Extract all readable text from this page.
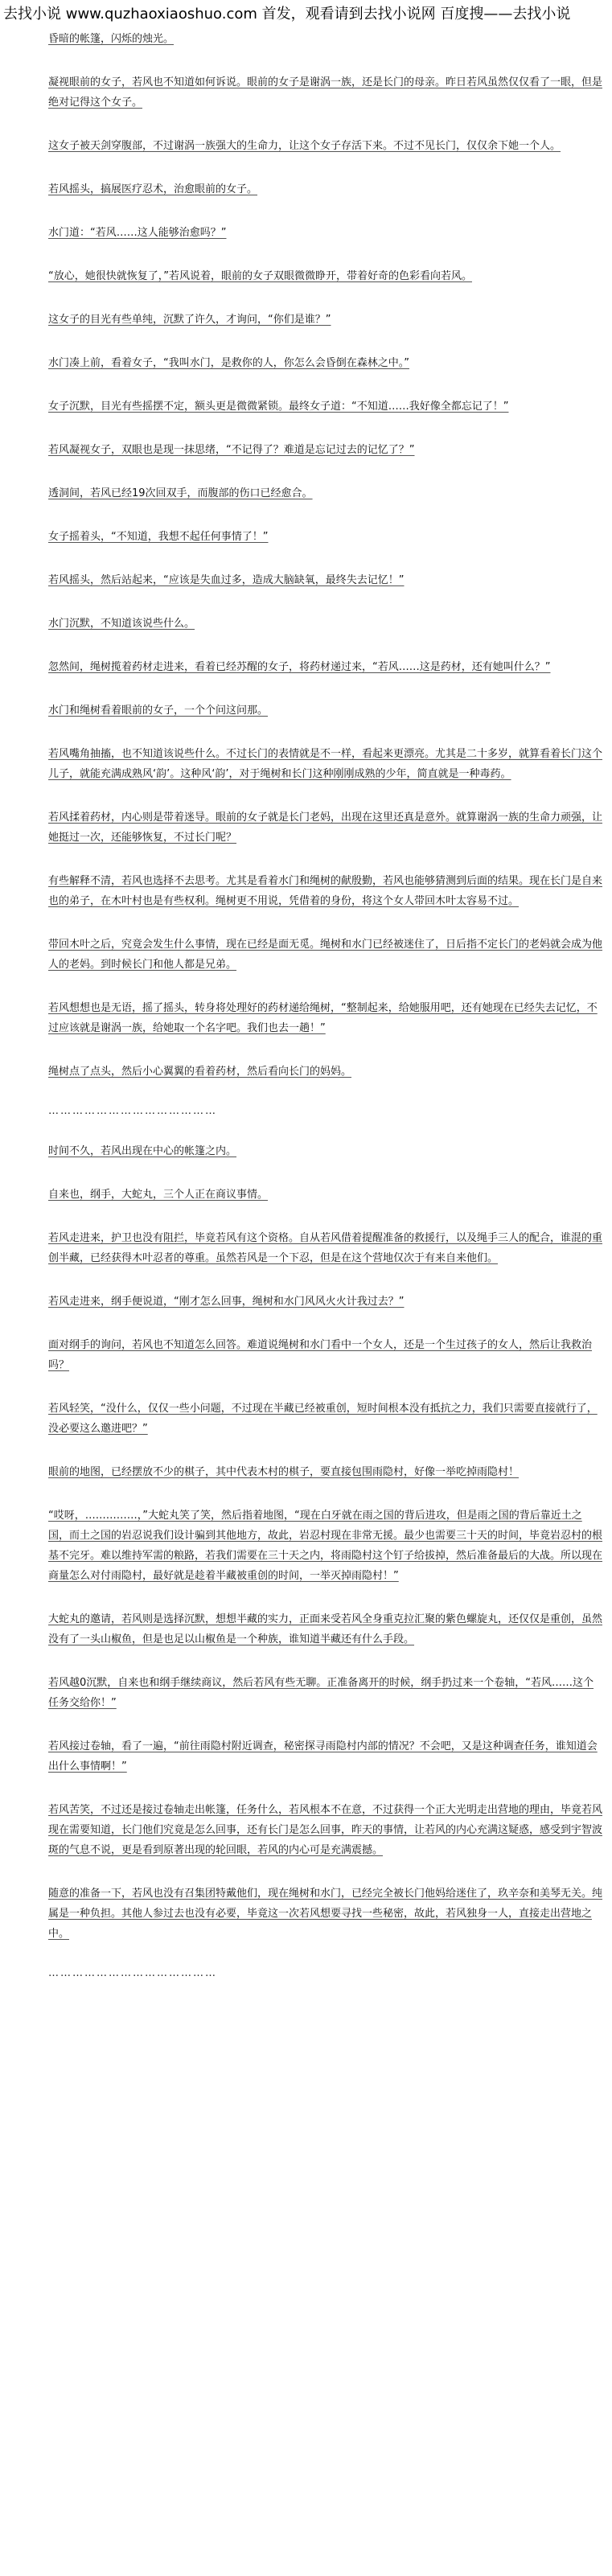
去找小说 www.quzhaoxiaoshuo.com 首发，观看请到去找小说网 百度搜——去找小说

昏暗的帐篷，闪烁的烛光。

凝视眼前的女子，若风也不知道如何诉说。眼前的女子是谢涡一族，还是长门的母亲。昨日若风虽然仅仅看了一眼，但是绝对记得这个女子。

这女子被天剑穿腹部，不过谢涡一族强大的生命力，让这个女子存活下来。不过不见长门，仅仅余下她一个人。

若风摇头，搞展医疗忍术，治愈眼前的女子。

水门道：“若风……这人能够治愈吗？”

“放心，她很快就恢复了，”若风说着，眼前的女子双眼微微睁开，带着好奇的色彩看向若风。

这女子的目光有些单纯，沉默了许久，才询问，“你们是谁？”

水门凑上前，看着女子，“我叫水门，是救你的人，你怎么会昏倒在森林之中。”

女子沉默，目光有些摇摆不定，额头更是微微紧锁。最终女子道：“不知道……我好像全都忘记了！”

若风凝视女子，双眼也是现一抹思绪，“不记得了？难道是忘记过去的记忆了？”

透洞间，若风已经19次回双手，而腹部的伤口已经愈合。

女子摇着头，“不知道，我想不起任何事情了！”

若风摇头，然后站起来，“应该是失血过多，造成大脑缺氧，最终失去记忆！”

水门沉默，不知道该说些什么。

忽然间，绳树揽着药材走进来，看着已经苏醒的女子，将药材递过来，“若风……这是药材，还有她叫什么？”

水门和绳树看着眼前的女子，一个个问这问那。

若风嘴角抽搐，也不知道该说些什么。不过长门的表情就是不一样，看起来更漂亮。尤其是二十多岁，就算看着长门这个儿子，就能充满成熟风‘韵’。这种风‘韵’，对于绳树和长门这种刚刚成熟的少年，简直就是一种毒药。

若风揉着药材，内心则是带着迷导。眼前的女子就是长门老妈，出现在这里还真是意外。就算谢涡一族的生命力顽强，让她挺过一次，还能够恢复，不过长门呢？

有些解释不清，若风也选择不去思考。尤其是看着水门和绳树的献殷勤，若风也能够猜测到后面的结果。现在长门是自来也的弟子，在木叶村也是有些权利。绳树更不用说，凭借着的身份，将这个女人带回木叶太容易不过。

带回木叶之后，究竟会发生什么事情，现在已经是面无觅。绳树和水门已经被迷住了，日后指不定长门的老妈就会成为他人的老妈。到时候长门和他人都是兄弟。

若风想想也是无语，摇了摇头，转身将处理好的药材递给绳树，“整制起来，给她服用吧，还有她现在已经失去记忆，不过应该就是谢涡一族，给她取一个名字吧。我们也去一趟！”

绳树点了点头，然后小心翼翼的看着药材，然后看向长门的妈妈。

……………………………………

时间不久，若风出现在中心的帐篷之内。

自来也，纲手，大蛇丸，三个人正在商议事情。

若风走进来，护卫也没有阻拦，毕竟若风有这个资格。自从若风借着提醒准备的救援行，以及绳手三人的配合，谁混的重创半藏，已经获得木叶忍者的尊重。虽然若风是一个下忍，但是在这个营地仅次于有来自来他们。

若风走进来，纲手便说道，“刚才怎么回事，绳树和水门风风火火计我过去？”

面对纲手的询问，若风也不知道怎么回答。难道说绳树和水门看中一个女人，还是一个生过孩子的女人，然后让我救治吗？

若风轻笑，“没什么，仅仅一些小问题，不过现在半藏已经被重创，短时间根本没有抵抗之力，我们只需要直接就行了，没必要这么邀进吧？”

眼前的地图，已经摆放不少的棋子，其中代表木村的棋子，要直接包围雨隐村，好像一举吃掉雨隐村！

“哎呀，……………，”大蛇丸笑了笑，然后指着地图，“现在白牙就在雨之国的背后进攻，但是雨之国的背后靠近土之国，而土之国的岩忍说我们设计骗到其他地方，故此，岩忍村现在非常无援。最少也需要三十天的时间，毕竟岩忍村的根基不完牙。难以维持军需的粮路，若我们需要在三十天之内，将雨隐村这个钉子给拔掉，然后准备最后的大战。所以现在商量怎么对付雨隐村，最好就是趁着半藏被重创的时间，一举灭掉雨隐村！”

大蛇丸的邀请，若风则是选择沉默，想想半藏的实力，正面来受若风全身重克拉汇聚的紫色螺旋丸，还仅仅是重创，虽然没有了一头山椒鱼，但是也足以山椒鱼是一个种族，谁知道半藏还有什么手段。

若风越0沉默，自来也和纲手继续商议，然后若风有些无聊。正准备离开的时候，纲手扔过来一个卷轴，“若风……这个任务交给你！”

若风接过卷轴，看了一遍，“前往雨隐村附近调查，秘密探寻雨隐村内部的情况？不会吧，又是这种调查任务，谁知道会出什么事情啊！”

若风苦笑，不过还是接过卷轴走出帐篷，任务什么，若风根本不在意，不过获得一个正大光明走出营地的理由，毕竟若风现在需要知道，长门他们究竟是怎么回事，还有长门是怎么回事，昨天的事情，让若风的内心充满这疑惑，感受到宇智波斑的气息不说，更是看到原著出现的轮回眼，若风的内心可是充满震撼。

随意的准备一下，若风也没有召集团特戴他们，现在绳树和水门，已经完全被长门他妈给迷住了，玖辛奈和美琴无关。纯属是一种负担。其他人参过去也没有必要，毕竟这一次若风想要寻找一些秘密，故此，若风独身一人，直接走出营地之中。

……………………………………
